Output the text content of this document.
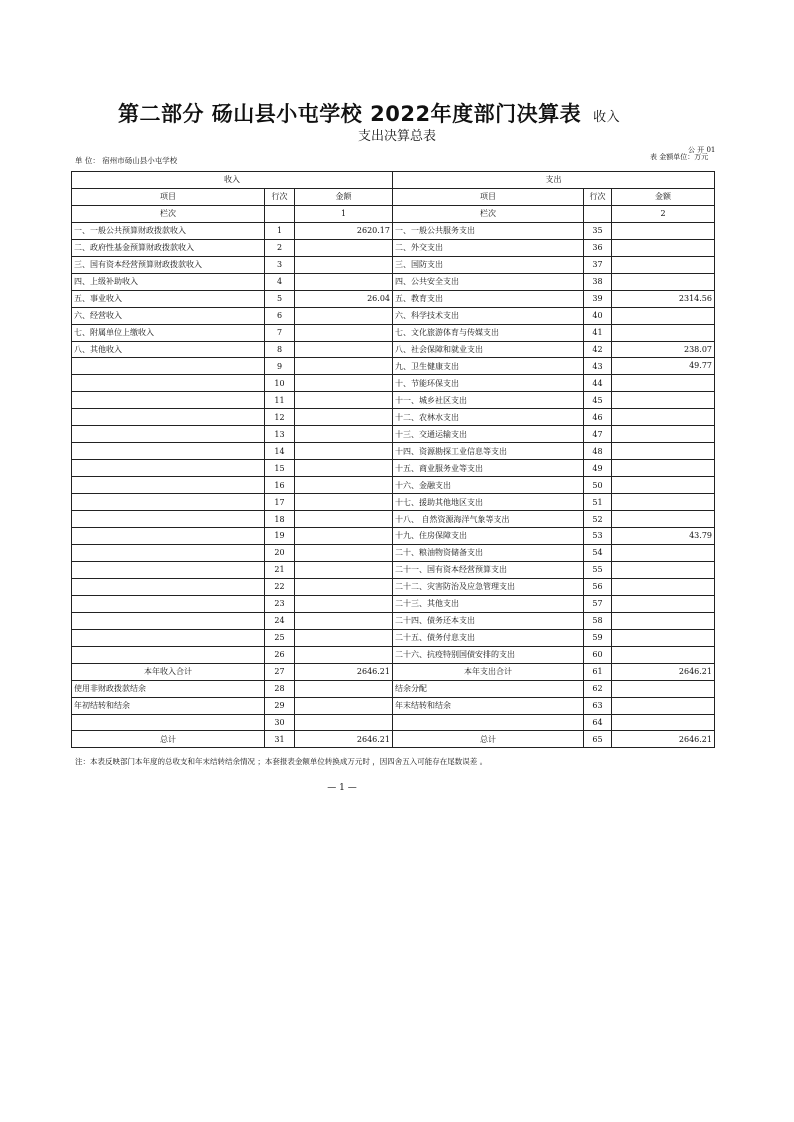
第二部分 砀山县小屯学校 2022年度部门决算表 收入
支出决算总表
公 开 01
单 位： 宿州市砀山县小屯学校	表 金额单位：万元
收入			支出		
项目	行次	金额	项目	行次	金额
栏次		1	栏次		2
一、一般公共预算财政拨款收入	1	2620.17	一、一般公共服务支出	35	
二、政府性基金预算财政拨款收入	2		二、外交支出	36	
三、国有资本经营预算财政拨款收入	3		三、国防支出	37	
四、上级补助收入	4		四、公共安全支出	38	
五、事业收入	5	26.04	五、教育支出	39	2314.56
六、经营收入	6		六、科学技术支出	40	
七、附属单位上缴收入	7		七、文化旅游体育与传媒支出	41	
八、其他收入	8		八、社会保障和就业支出	42	238.07
	9		九、卫生健康支出	43	49.77
	10		十、节能环保支出	44	
	11		十一、城乡社区支出	45	
	12		十二、农林水支出	46	
	13		十三、交通运输支出	47	
	14		十四、资源勘探工业信息等支出	48	
	15		十五、商业服务业等支出	49	
	16		十六、金融支出	50	
	17		十七、援助其他地区支出	51	
	18		十八、 自然资源海洋气象等支出	52	
	19		十九、住房保障支出	53	43.79
	20		二十、粮油物资储备支出	54	
	21		二十一、国有资本经营预算支出	55	
	22		二十二、灾害防治及应急管理支出	56	
	23		二十三、其他支出	57	
	24		二十四、债务还本支出	58	
	25		二十五、债务付息支出	59	
	26		二十六、抗疫特别国债安排的支出	60	
本年收入合计	27	2646.21	本年支出合计	61	2646.21
使用非财政拨款结余	28		结余分配	62	
年初结转和结余	29		年末结转和结余	63	
	30			64	
总计	31	2646.21	总计	65	2646.21
注：本表反映部门本年度的总收支和年末结转结余情况 ；本套报表金额单位转换成万元时 ，因四舍五入可能存在尾数误差 。
— 1 —
